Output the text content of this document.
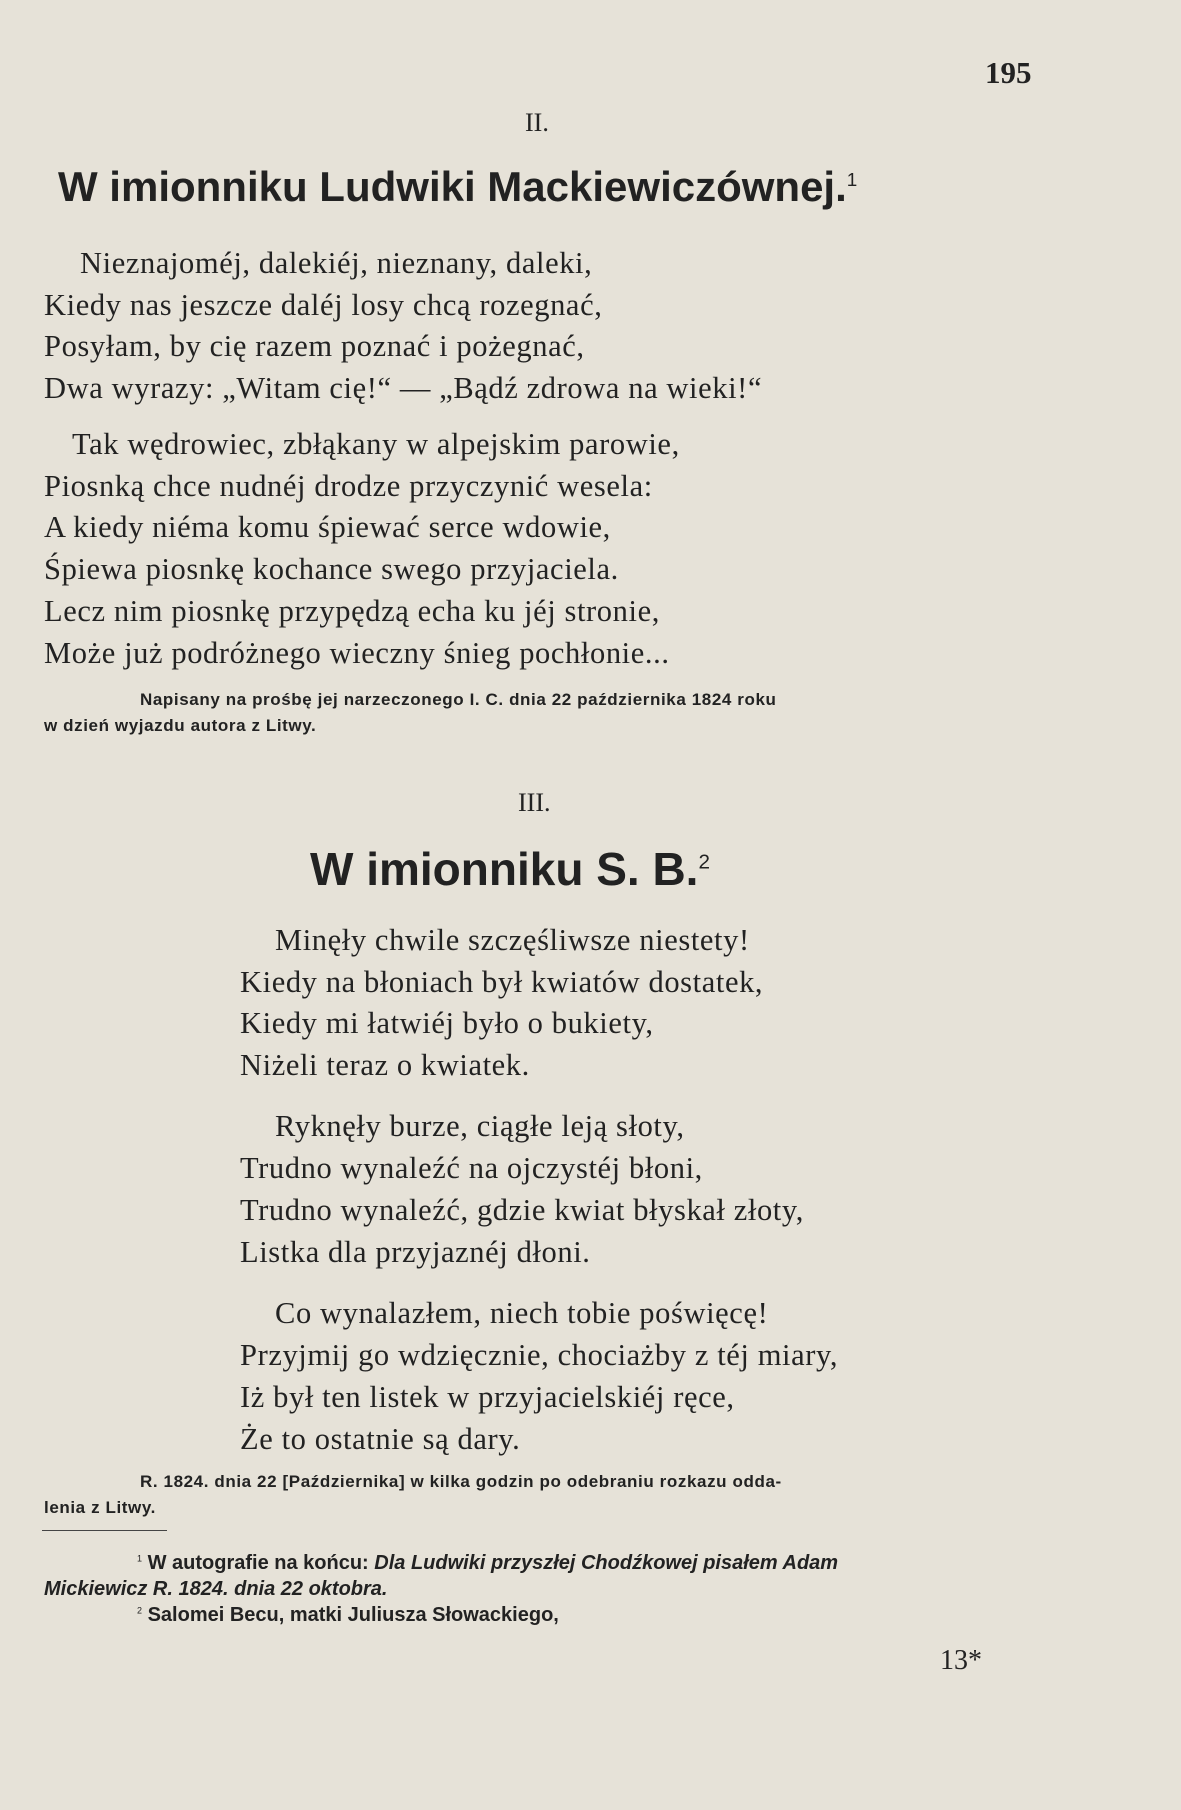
195
II.
W imionniku Ludwiki Mackiewiczównej.$^1$
Nieznajoméj, dalekiéj, nieznany, daleki,
Kiedy nas jeszcze daléj losy chcą rozegnać,
Posyłam, by cię razem poznać i pożegnać,
Dwa wyrazy: „Witam cię!“ — „Bądź zdrowa na wieki!“
Tak wędrowiec, zbłąkany w alpejskim parowie,
Piosnką chce nudnéj drodze przyczynić wesela:
A kiedy niéma komu śpiewać serce wdowie,
Śpiewa piosnkę kochance swego przyjaciela.
Lecz nim piosnkę przypędzą echa ku jéj stronie,
Może już podróżnego wieczny śnieg pochłonie...
Napisany na prośbę jej narzeczonego I. C. dnia 22 października 1824 roku
w dzień wyjazdu autora z Litwy.
III.
W imionniku S. B.$^2$
Minęły chwile szczęśliwsze niestety!
Kiedy na błoniach był kwiatów dostatek,
Kiedy mi łatwiéj było o bukiety,
Niżeli teraz o kwiatek.
Ryknęły burze, ciągłe leją słoty,
Trudno wynaleźć na ojczystéj błoni,
Trudno wynaleźć, gdzie kwiat błyskał złoty,
Listka dla przyjaznéj dłoni.
Co wynalazłem, niech tobie poświęcę!
Przyjmij go wdzięcznie, chociażby z téj miary,
Iż był ten listek w przyjacielskiéj ręce,
Że to ostatnie są dary.
R. 1824. dnia 22 [Października] w kilka godzin po odebraniu rozkazu odda-
lenia z Litwy.
$^1$ W autografie na końcu: Dla Ludwiki przyszłej Chodźkowej pisałem Adam
Mickiewicz R. 1824. dnia 22 oktobra.
$^2$ Salomei Becu, matki Juliusza Słowackiego,
13*
